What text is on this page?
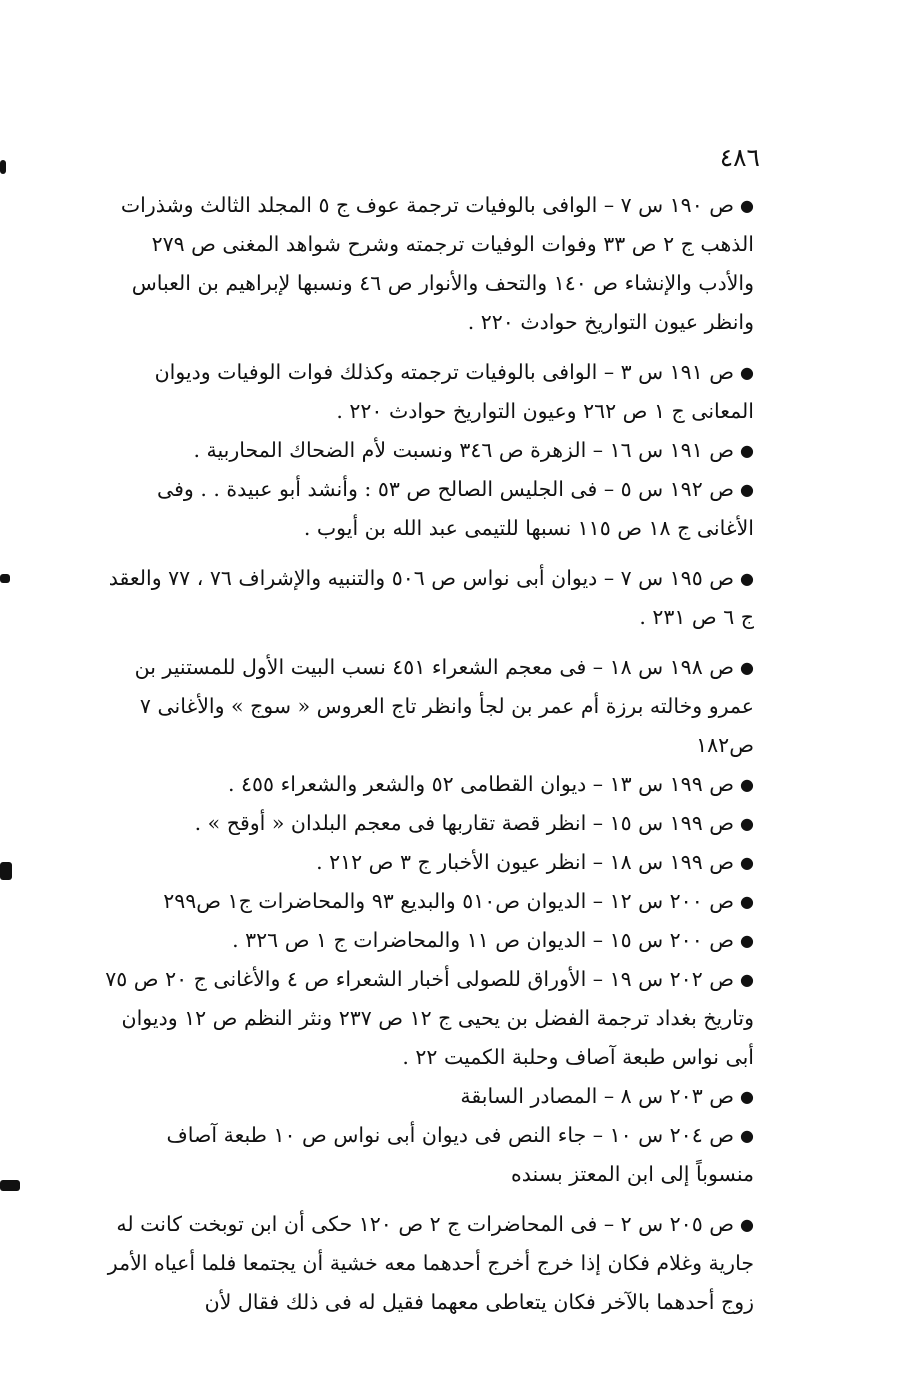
٤٨٦

●ص ١٩٠ س ٧ – الوافى بالوفيات ترجمة عوف ج ٥ المجلد الثالث وشذرات الذهب ج ٢ ص ٣٣ وفوات الوفيات ترجمته وشرح شواهد المغنى ص ٢٧٩ والأدب والإنشاء ص ١٤٠ والتحف والأنوار ص ٤٦ ونسبها لإبراهيم بن العباس وانظر عيون التواريخ حوادث ٢٢٠ .

●ص ١٩١ س ٣ – الوافى بالوفيات ترجمته وكذلك فوات الوفيات وديوان المعانى ج ١ ص ٢٦٢ وعيون التواريخ حوادث ٢٢٠ .

●ص ١٩١ س ١٦ – الزهرة ص ٣٤٦ ونسبت لأم الضحاك المحاربية .

●ص ١٩٢ س ٥ – فى الجليس الصالح ص ٥٣ : وأنشد أبو عبيدة . . وفى الأغانى ج ١٨ ص ١١٥ نسبها للتيمى عبد الله بن أيوب .

●ص ١٩٥ س ٧ – ديوان أبى نواس ص ٥٠٦ والتنبيه والإشراف ٧٦ ، ٧٧ والعقد ج ٦ ص ٢٣١ .

●ص ١٩٨ س ١٨ – فى معجم الشعراء ٤٥١ نسب البيت الأول للمستنير بن عمرو وخالته برزة أم عمر بن لجأ وانظر تاج العروس « سوج » والأغانى ٧ ص١٨٢

●ص ١٩٩ س ١٣ – ديوان القطامى ٥٢ والشعر والشعراء ٤٥٥ .

●ص ١٩٩ س ١٥ – انظر قصة تقاربها فى معجم البلدان « أوقح » .

●ص ١٩٩ س ١٨ – انظر عيون الأخبار ج ٣ ص ٢١٢ .

●ص ٢٠٠ س ١٢ – الديوان ص٥١٠ والبديع ٩٣ والمحاضرات ج١ ص٢٩٩

●ص ٢٠٠ س ١٥ – الديوان ص ١١ والمحاضرات ج ١ ص ٣٢٦ .

●ص ٢٠٢ س ١٩ – الأوراق للصولى أخبار الشعراء ص ٤ والأغانى ج ٢٠ ص ٧٥ وتاريخ بغداد ترجمة الفضل بن يحيى ج ١٢ ص ٢٣٧ ونثر النظم ص ١٢ وديوان أبى نواس طبعة آصاف وحلبة الكميت ٢٢ .

●ص ٢٠٣ س ٨ – المصادر السابقة

●ص ٢٠٤ س ١٠ – جاء النص فى ديوان أبى نواس ص ١٠ طبعة آصاف منسوباً إلى ابن المعتز بسنده

●ص ٢٠٥ س ٢ – فى المحاضرات ج ٢ ص ١٢٠ حكى أن ابن توبخت كانت له جارية وغلام فكان إذا خرج أخرج أحدهما معه خشية أن يجتمعا فلما أعياه الأمر زوج أحدهما بالآخر فكان يتعاطى معهما فقيل له فى ذلك فقال لأن
